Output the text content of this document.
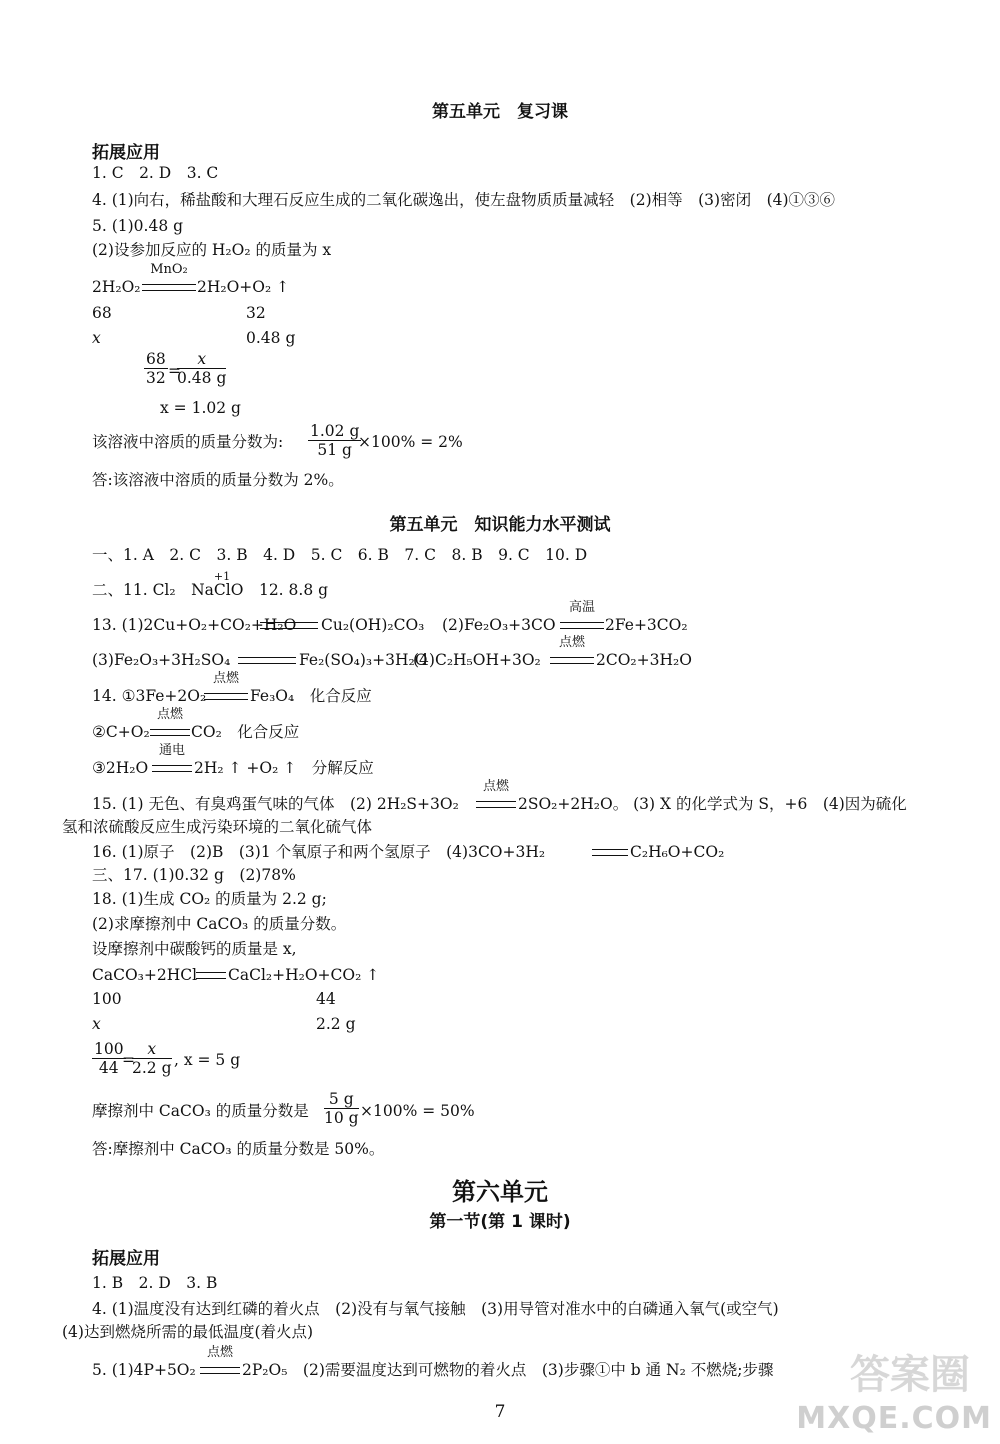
第五单元　复习课
拓展应用
1. C　2. D　3. C
4. (1)向右，稀盐酸和大理石反应生成的二氧化碳逸出，使左盘物质质量减轻　(2)相等　(3)密闭　(4)①③⑥
5. (1)0.48 g
(2)设参加反应的 H₂O₂ 的质量为 x
2H₂O₂
MnO₂
2H₂O+O₂ ↑
68	32
x	0.48 g
$\frac{68}{32}$ =
$\frac{x}{0.48 g}$
x = 1.02 g
该溶液中溶质的质量分数为: $\frac{1.02 g}{51 g}$
×100% = 2%
答:该溶液中溶质的质量分数为 2%。
第五单元　知识能力水平测试
一、1. A　2. C　3. B　4. D　5. C　6. B　7. C　8. B　9. C　10. D
二、11. Cl₂　Na
+1
ClO　12. 8.8 g
13. (1)2Cu+O₂+CO₂+H₂O Cu₂(OH)₂CO₃ (2)Fe₂O₃+3CO
高温
2Fe+3CO₂
(3)Fe₂O₃+3H₂SO₄	Fe₂(SO₄)₃+3H₂O
(4)C₂H₅OH+3O₂
点燃
2CO₂+3H₂O
14. ①3Fe+2O₂
点燃
Fe₃O₄　化合反应
②C+O₂
点燃
CO₂　化合反应
③2H₂O
通电
2H₂ ↑ +O₂ ↑　分解反应
15. (1) 无色、有臭鸡蛋气味的气体　(2) 2H₂S+3O₂
点燃
2SO₂+2H₂O。 (3) X 的化学式为 S，+6　(4)因为硫化
氢和浓硫酸反应生成污染环境的二氧化硫气体
16. (1)原子　(2)B　(3)1 个氧原子和两个氢原子　(4)3CO+3H₂	C₂H₆O+CO₂
三、17. (1)0.32 g　(2)78%
18. (1)生成 CO₂ 的质量为 2.2 g;
(2)求摩擦剂中 CaCO₃ 的质量分数。
设摩擦剂中碳酸钙的质量是 x,
CaCO₃+2HCl CaCl₂+H₂O+CO₂ ↑
100	44
x	2.2 g
$\frac{100}{44}$
=
$\frac{x}{2.2 g}$ , x = 5 g
摩擦剂中 CaCO₃ 的质量分数是 $\frac{5 g}{10 g} \times 100\% = 50\%$
答:摩擦剂中 CaCO₃ 的质量分数是 50%。
第六单元
第一节(第 1 课时)
拓展应用
1. B　2. D　3. B
4. (1)温度没有达到红磷的着火点　(2)没有与氧气接触　(3)用导管对准水中的白磷通入氧气(或空气)
(4)达到燃烧所需的最低温度(着火点)
5. (1)4P+5O₂
点燃
2P₂O₅　(2)需要温度达到可燃物的着火点　(3)步骤①中 b 通 N₂ 不燃烧;步骤
7
答案圈
MXQE.COM
